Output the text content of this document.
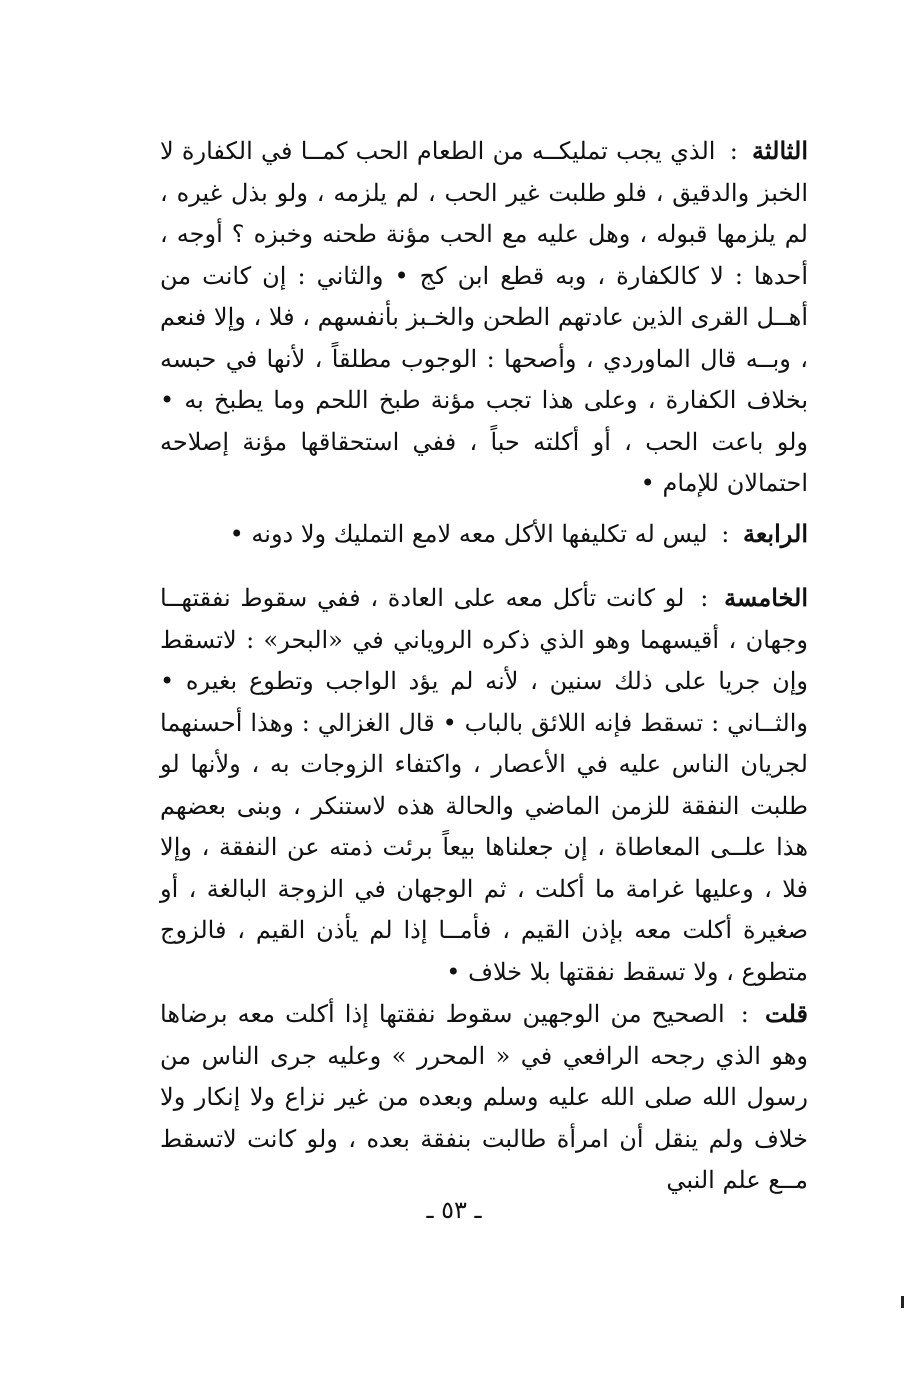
الثالثة : الذي يجب تمليكــه من الطعام الحب كمــا في الكفارة لا الخبز والدقيق ، فلو طلبت غير الحب ، لم يلزمه ، ولو بذل غيره ، لم يلزمها قبوله ، وهل عليه مع الحب مؤنة طحنه وخبزه ؟ أوجه ، أحدها : لا كالكفارة ، وبه قطع ابن كج • والثاني : إن كانت من أهــل القرى الذين عادتهم الطحن والخـبز بأنفسهم ، فلا ، وإلا فنعم ، وبــه قال الماوردي ، وأصحها : الوجوب مطلقاً ، لأنها في حبسه بخلاف الكفارة ، وعلى هذا تجب مؤنة طبخ اللحم وما يطبخ به • ولو باعت الحب ، أو أكلته حباً ، ففي استحقاقها مؤنة إصلاحه احتمالان للإمام •

الرابعة : ليس له تكليفها الأكل معه لامع التمليك ولا دونه •

الخامسة : لو كانت تأكل معه على العادة ، ففي سقوط نفقتهــا وجهان ، أقيسهما وهو الذي ذكره الروياني في «البحر» : لاتسقط وإن جريا على ذلك سنين ، لأنه لم يؤد الواجب وتطوع بغيره • والثــاني : تسقط فإنه اللائق بالباب • قال الغزالي : وهذا أحسنهما لجريان الناس عليه في الأعصار ، واكتفاء الزوجات به ، ولأنها لو طلبت النفقة للزمن الماضي والحالة هذه لاستنكر ، وبنى بعضهم هذا علــى المعاطاة ، إن جعلناها بيعاً برئت ذمته عن النفقة ، وإلا فلا ، وعليها غرامة ما أكلت ، ثم الوجهان في الزوجة البالغة ، أو صغيرة أكلت معه بإذن القيم ، فأمــا إذا لم يأذن القيم ، فالزوج متطوع ، ولا تسقط نفقتها بلا خلاف •

قلت : الصحيح من الوجهين سقوط نفقتها إذا أكلت معه برضاها وهو الذي رجحه الرافعي في « المحرر » وعليه جرى الناس من رسول الله صلى الله عليه وسلم وبعده من غير نزاع ولا إنكار ولا خلاف ولم ينقل أن امرأة طالبت بنفقة بعده ، ولو كانت لاتسقط مــع علم النبي

ـ ٥٣ ـ
